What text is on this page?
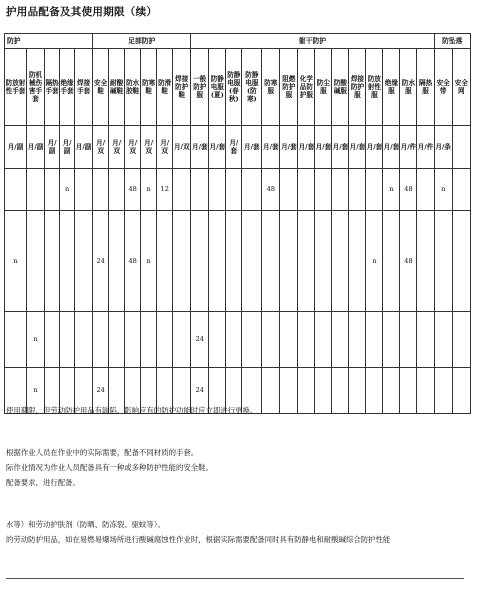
护用品配备及其使用期限（续）
防护					足部防护						躯干防护														防坠落	
防放射性手套	防机械伤害手套	隔热手套	绝缘手套	焊接手套	安全鞋	耐酸碱鞋	防水胶鞋	防寒鞋	防滑鞋	焊接防护鞋	一般防护服	防静电服(夏)	防静电服(春秋)	防静电服(防寒)	防寒服	阻燃防护服	化学品防护服	防尘服	防酸碱服	焊接防护服	防放射性服	绝缘服	防水服	隔热服	安全带	安全网
月/副	月/副	月/副	月/副	月/副	月/双	月/双	月/双	月/双	月/双	月/双	月/套	月/套	月/套	月/套	月/套	月/套	月/套	月/套	月/套	月/套	月/套	月/套	月/件	月/件	月/条	
			n				48	n	12						48							n	48		n	
n					24		48	n													n		48			
	n										24															
	n				24						24															
使用期限，但劳动防护用品有缺陷、影响应有的防护功能时应立即进行更换。
根据作业人员在作业中的实际需要，配备不同材质的手套。
际作业情况为作业人员配备具有一种或多种防护性能的安全鞋。
配备要求，进行配备。
水等）和劳动护肤剂（防晒、防冻裂、驱蚊等）。
的劳动防护用品，如在易燃易爆场所进行酸碱腐蚀性作业时，根据实际需要配备同时具有防静电和耐酸碱综合防护性能
